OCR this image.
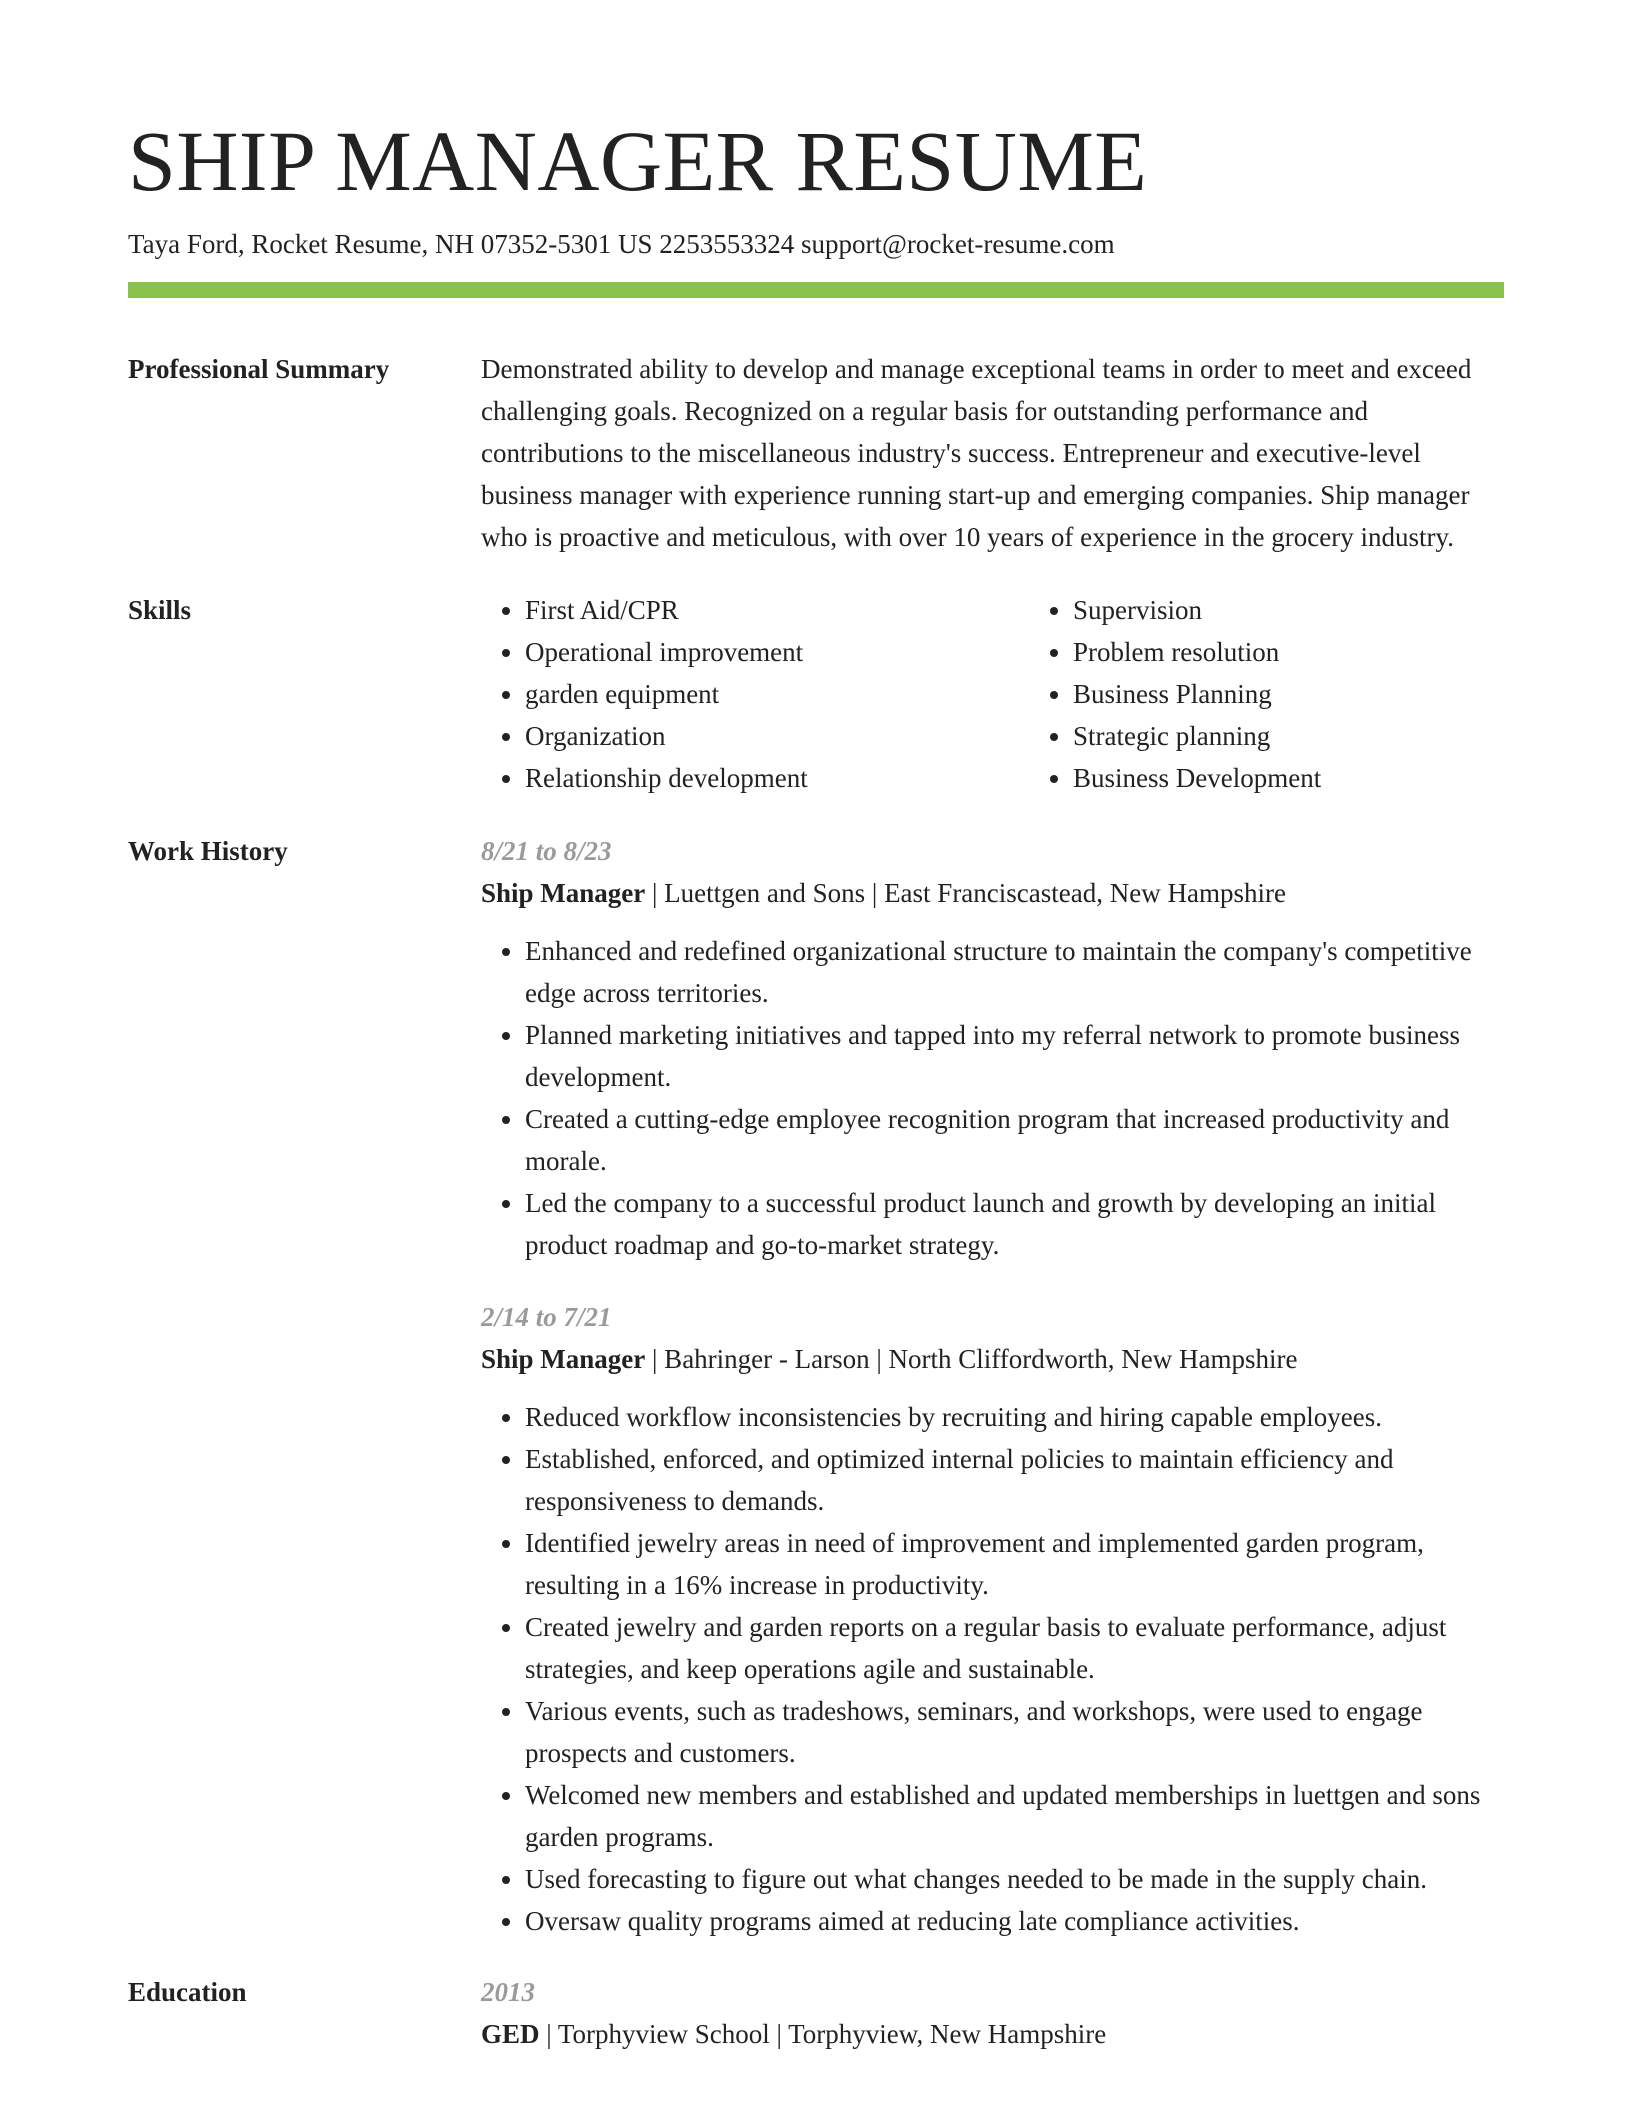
SHIP MANAGER RESUME
Taya Ford, Rocket Resume, NH 07352-5301 US 2253553324 support@rocket-resume.com
Professional Summary	Demonstrated ability to develop and manage exceptional teams in order to meet and exceed challenging goals. Recognized on a regular basis for outstanding performance and contributions to the miscellaneous industry's success. Entrepreneur and executive-level business manager with experience running start-up and emerging companies. Ship manager who is proactive and meticulous, with over 10 years of experience in the grocery industry.

Skills
•	First Aid/CPR
• Operational improvement
• garden equipment
• Organization
• Relationship development
• Supervision
• Problem resolution
• Business Planning
• Strategic planning
• Business Development
Work History	8/21 to 8/23
Ship Manager | Luettgen and Sons | East Franciscastead, New Hampshire
• Enhanced and redefined organizational structure to maintain the company's competitive edge across territories.
• Planned marketing initiatives and tapped into my referral network to promote business development.
• Created a cutting-edge employee recognition program that increased productivity and morale.
• Led the company to a successful product launch and growth by developing an initial product roadmap and go-to-market strategy.
2/14 to 7/21
Ship Manager | Bahringer - Larson | North Cliffordworth, New Hampshire
• Reduced workflow inconsistencies by recruiting and hiring capable employees.
• Established, enforced, and optimized internal policies to maintain efficiency and responsiveness to demands.
• Identified jewelry areas in need of improvement and implemented garden program, resulting in a 16% increase in productivity.
• Created jewelry and garden reports on a regular basis to evaluate performance, adjust strategies, and keep operations agile and sustainable.
• Various events, such as tradeshows, seminars, and workshops, were used to engage prospects and customers.
• Welcomed new members and established and updated memberships in luettgen and sons garden programs.
• Used forecasting to figure out what changes needed to be made in the supply chain.
• Oversaw quality programs aimed at reducing late compliance activities.
Education	2013
GED | Torphyview School | Torphyview, New Hampshire
